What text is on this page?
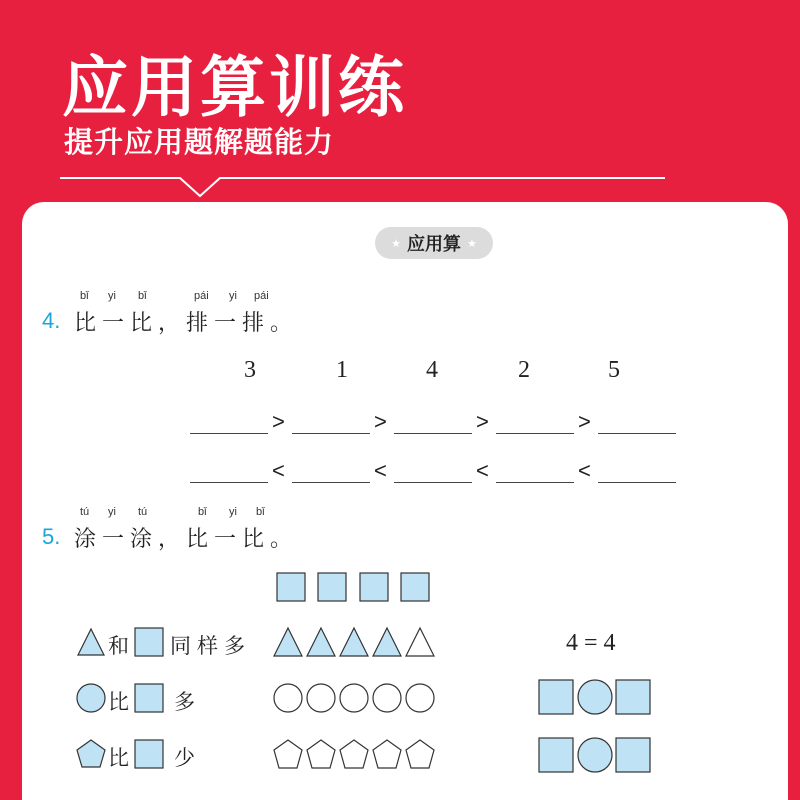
应用算训练
提升应用题解题能力
★ 应用算 ★
bǐ yi bǐ	pái yi pái
4. 比一比，排一排。
3	1	4	2	5
>	>	>	>
<	<	<	<
tú yi tú	bǐ yi bǐ
5. 涂一涂，比一比。
和 同样多	4 = 4
比 多
比 少
